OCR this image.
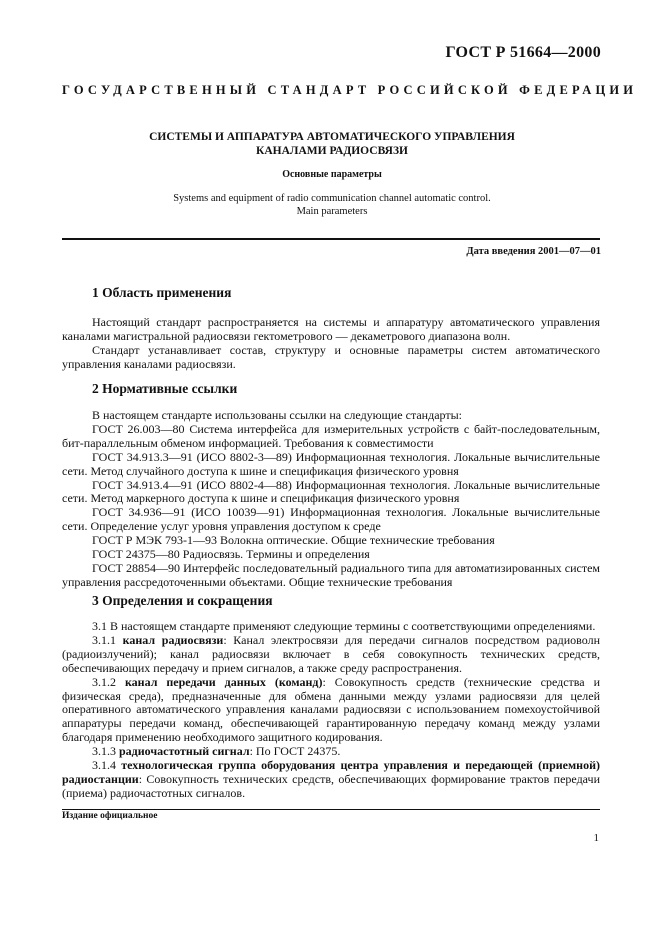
ГОСТ Р 51664—2000
ГОСУДАРСТВЕННЫЙ СТАНДАРТ РОССИЙСКОЙ ФЕДЕРАЦИИ
СИСТЕМЫ И АППАРАТУРА АВТОМАТИЧЕСКОГО УПРАВЛЕНИЯ
КАНАЛАМИ РАДИОСВЯЗИ
Основные параметры
Systems and equipment of radio communication channel automatic control.
Main parameters
Дата введения 2001—07—01
1 Область применения

Настоящий стандарт распространяется на системы и аппаратуру автоматического управления каналами магистральной радиосвязи гектометрового — декаметрового диапазона волн.

Стандарт устанавливает состав, структуру и основные параметры систем автоматического управления каналами радиосвязи.

2 Нормативные ссылки

В настоящем стандарте использованы ссылки на следующие стандарты:

ГОСТ 26.003—80 Система интерфейса для измерительных устройств с байт-последовательным, бит-параллельным обменом информацией. Требования к совместимости

ГОСТ 34.913.3—91 (ИСО 8802-3—89) Информационная технология. Локальные вычислительные сети. Метод случайного доступа к шине и спецификация физического уровня

ГОСТ 34.913.4—91 (ИСО 8802-4—88) Информационная технология. Локальные вычислительные сети. Метод маркерного доступа к шине и спецификация физического уровня

ГОСТ 34.936—91 (ИСО 10039—91) Информационная технология. Локальные вычислительные сети. Определение услуг уровня управления доступом к среде

ГОСТ Р МЭК 793-1—93 Волокна оптические. Общие технические требования

ГОСТ 24375—80 Радиосвязь. Термины и определения

ГОСТ 28854—90 Интерфейс последовательный радиального типа для автоматизированных систем управления рассредоточенными объектами. Общие технические требования

3 Определения и сокращения

3.1 В настоящем стандарте применяют следующие термины с соответствующими определениями.

3.1.1 канал радиосвязи: Канал электросвязи для передачи сигналов посредством радиоволн (радиоизлучений); канал радиосвязи включает в себя совокупность технических средств, обеспечивающих передачу и прием сигналов, а также среду распространения.

3.1.2 канал передачи данных (команд): Совокупность средств (технические средства и физическая среда), предназначенные для обмена данными между узлами радиосвязи для целей оперативного автоматического управления каналами радиосвязи с использованием помехоустойчивой аппаратуры передачи команд, обеспечивающей гарантированную передачу команд между узлами благодаря применению необходимого защитного кодирования.

3.1.3 радиочастотный сигнал: По ГОСТ 24375.

3.1.4 технологическая группа оборудования центра управления и передающей (приемной) радиостанции: Совокупность технических средств, обеспечивающих формирование трактов передачи (приема) радиочастотных сигналов.

Издание официальное
1
